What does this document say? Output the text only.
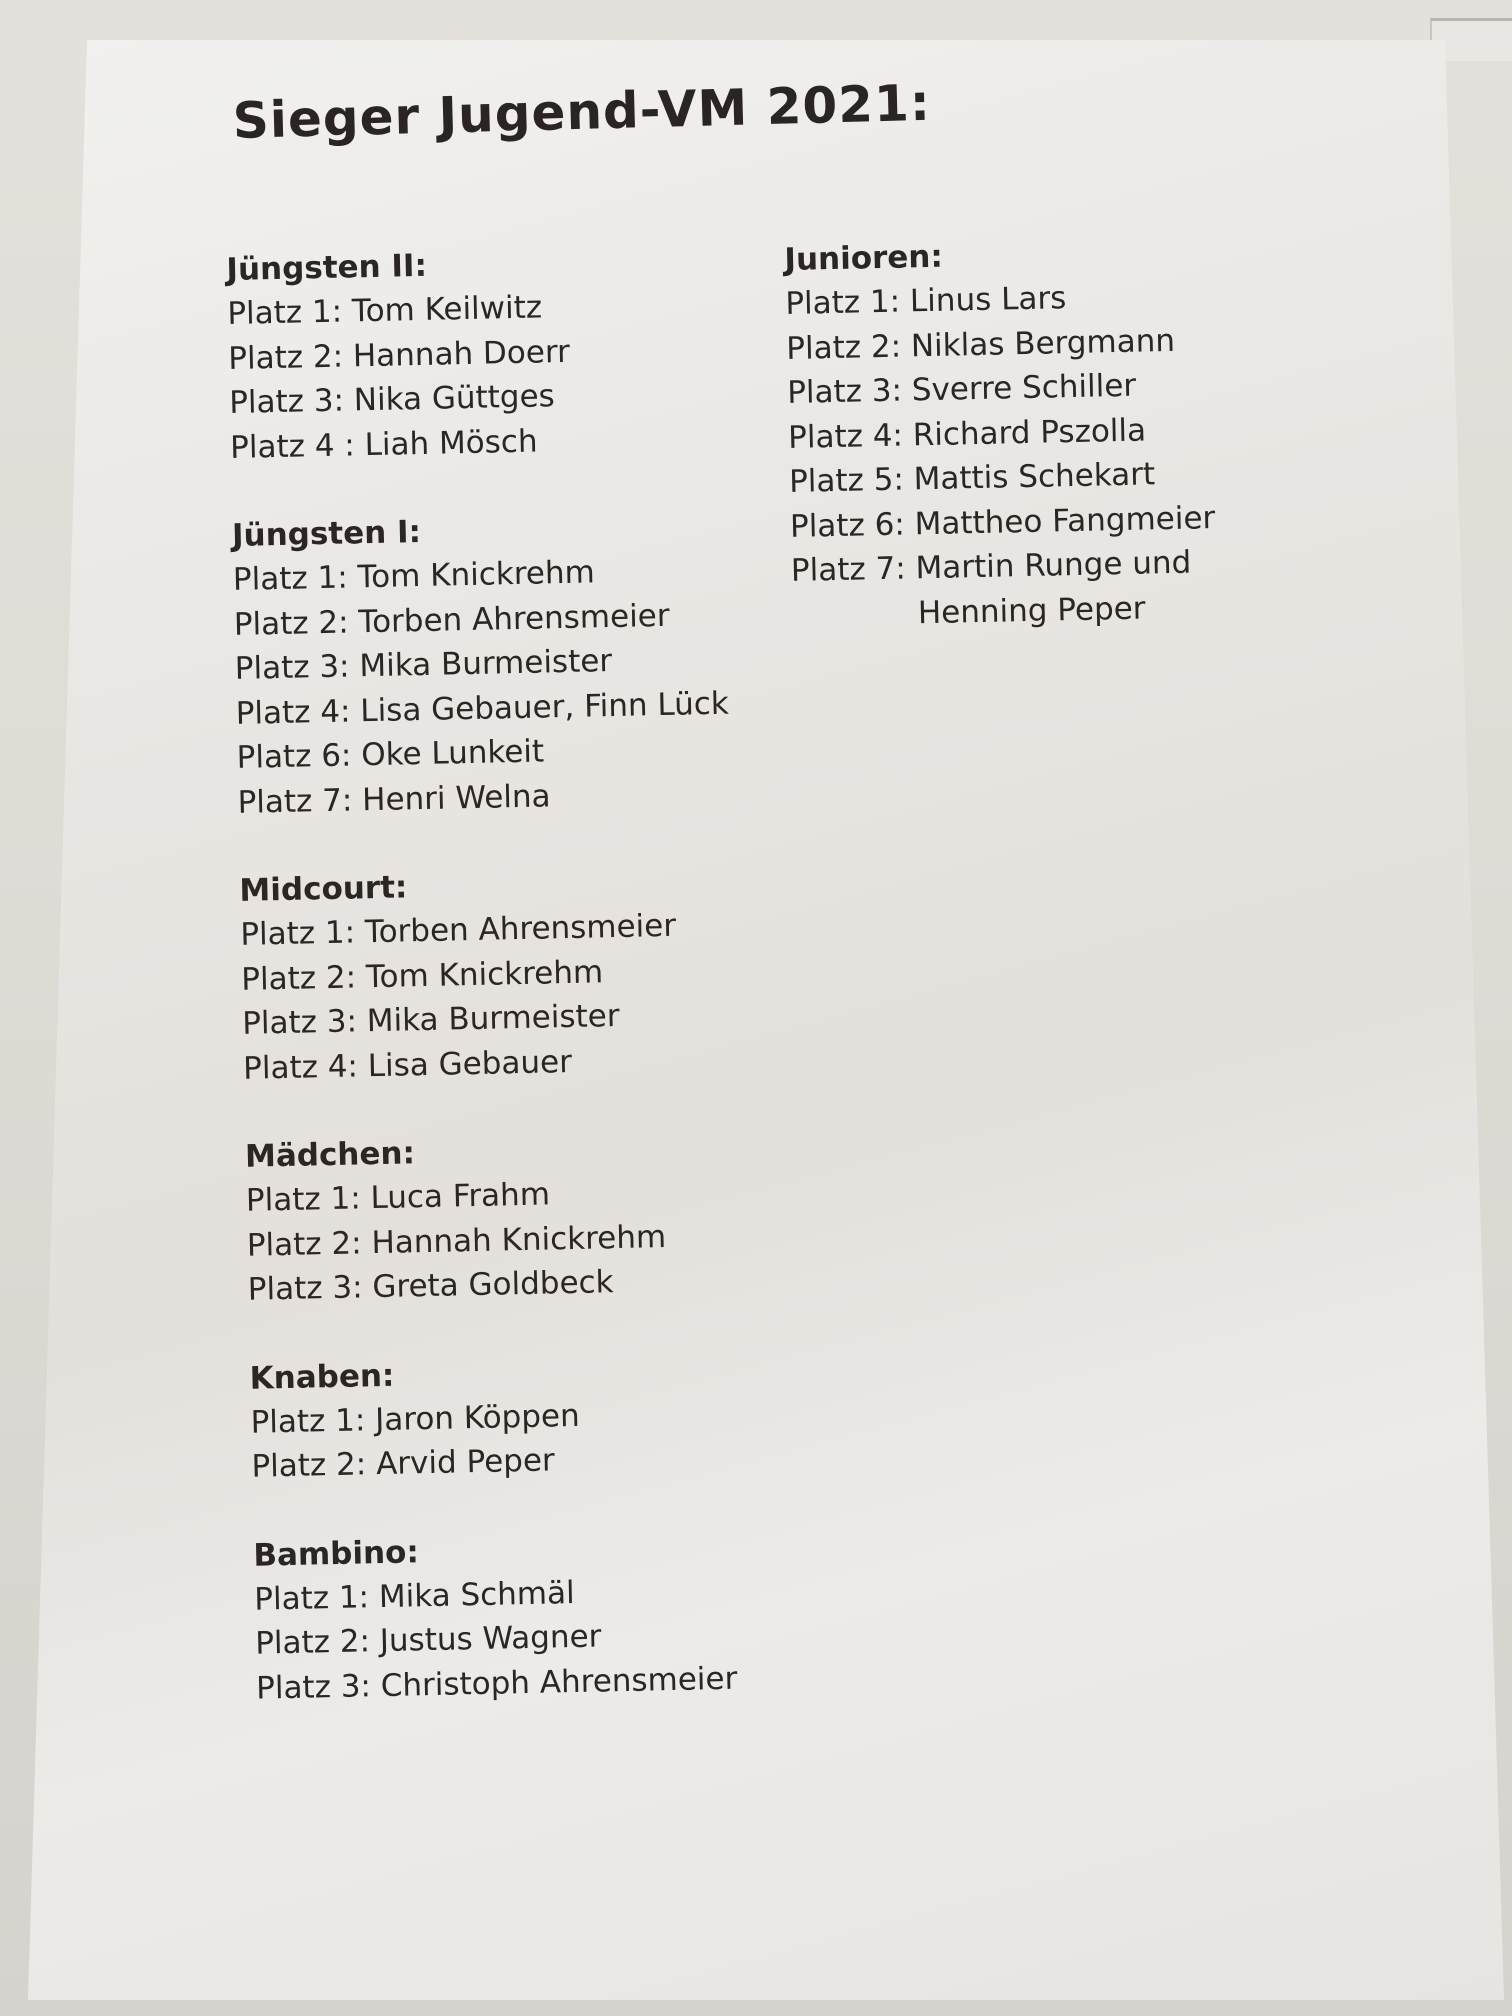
Sieger Jugend-VM 2021:
Jüngsten II:
Platz 1: Tom Keilwitz
Platz 2: Hannah Doerr
Platz 3: Nika Güttges
Platz 4 : Liah Mösch
Jüngsten I:
Platz 1: Tom Knickrehm
Platz 2: Torben Ahrensmeier
Platz 3: Mika Burmeister
Platz 4: Lisa Gebauer, Finn Lück
Platz 6: Oke Lunkeit
Platz 7: Henri Welna
Midcourt:
Platz 1: Torben Ahrensmeier
Platz 2: Tom Knickrehm
Platz 3: Mika Burmeister
Platz 4: Lisa Gebauer
Mädchen:
Platz 1: Luca Frahm
Platz 2: Hannah Knickrehm
Platz 3: Greta Goldbeck
Knaben:
Platz 1: Jaron Köppen
Platz 2: Arvid Peper
Bambino:
Platz 1: Mika Schmäl
Platz 2: Justus Wagner
Platz 3: Christoph Ahrensmeier
Junioren:
Platz 1: Linus Lars
Platz 2: Niklas Bergmann
Platz 3: Sverre Schiller
Platz 4: Richard Pszolla
Platz 5: Mattis Schekart
Platz 6: Mattheo Fangmeier
Platz 7: Martin Runge und
Henning Peper
